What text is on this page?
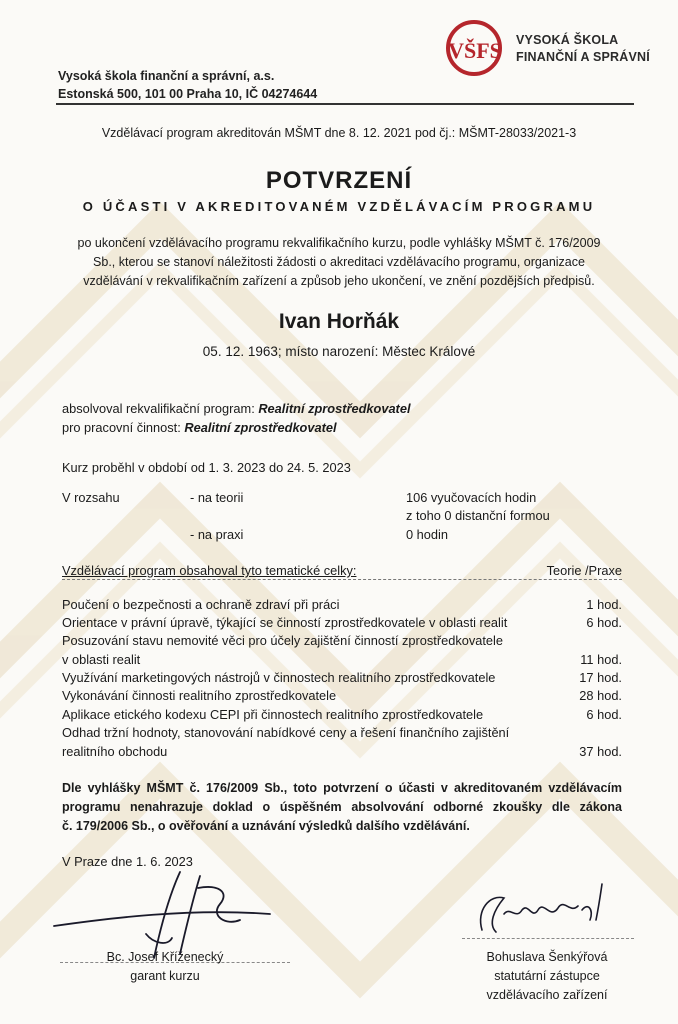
VŠFS VYSOKÁ ŠKOLA
FINANČNÍ A SPRÁVNÍ
Vysoká škola finanční a správní, a.s.
Estonská 500, 101 00 Praha 10, IČ 04274644
Vzdělávací program akreditován MŠMT dne 8. 12. 2021 pod čj.: MŠMT-28033/2021-3
POTVRZENÍ
O ÚČASTI V AKREDITOVANÉM VZDĚLÁVACÍM PROGRAMU
po ukončení vzdělávacího programu rekvalifikačního kurzu, podle vyhlášky MŠMT č. 176/2009
Sb., kterou se stanoví náležitosti žádosti o akreditaci vzdělávacího programu, organizace
vzdělávání v rekvalifikačním zařízení a způsob jeho ukončení, ve znění pozdějších předpisů.
Ivan Horňák
05. 12. 1963; místo narození: Městec Králové
absolvoval rekvalifikační program: Realitní zprostředkovatel
pro pracovní činnost: Realitní zprostředkovatel
Kurz proběhl v období od 1. 3. 2023 do 24. 5. 2023
V rozsahu	- na teorii	106 vyučovacích hodin
z toho 0 distanční formou
- na praxi	0 hodin
Vzdělávací program obsahoval tyto tematické celky:	Teorie /Praxe
Poučení o bezpečnosti a ochraně zdraví při práci	1 hod.
Orientace v právní úpravě, týkající se činností zprostředkovatele v oblasti realit	6 hod.
Posuzování stavu nemovité věci pro účely zajištění činností zprostředkovatele
v oblasti realit	11 hod.
Využívání marketingových nástrojů v činnostech realitního zprostředkovatele	17 hod.
Vykonávání činnosti realitního zprostředkovatele	28 hod.
Aplikace etického kodexu CEPI při činnostech realitního zprostředkovatele	6 hod.
Odhad tržní hodnoty, stanovování nabídkové ceny a řešení finančního zajištění
realitního obchodu	37 hod.
Dle vyhlášky MŠMT č. 176/2009 Sb., toto potvrzení o účasti v akreditovaném vzdělávacím
programu nenahrazuje doklad o úspěšném absolvování odborné zkoušky dle zákona
č. 179/2006 Sb., o ověřování a uznávání výsledků dalšího vzdělávání.
V Praze dne 1. 6. 2023
Bc. Josef Kříženecký
garant kurzu
Bohuslava Šenkýřová
statutární zástupce
vzdělávacího zařízení
